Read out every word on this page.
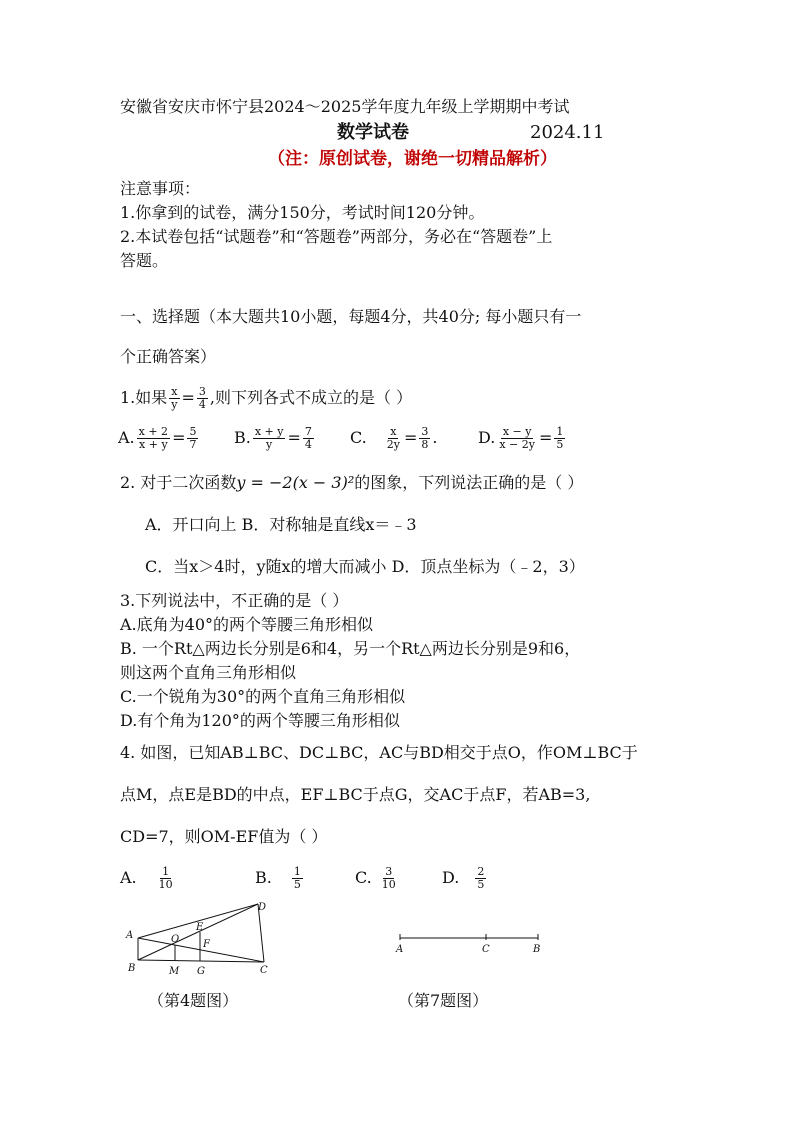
安徽省安庆市怀宁县2024～2025学年度九年级上学期期中考试
数学试卷	2024.11
（注：原创试卷，谢绝一切精品解析）
注意事项：
1.你拿到的试卷，满分150分，考试时间120分钟。
2.本试卷包括“试题卷”和“答题卷”两部分，务必在“答题卷”上
答题。
一、选择题（本大题共10小题，每题4分，共40分; 每小题只有一
个正确答案）
1.如果 $\frac{x}{y} = \frac{3}{4}$ ,则下列各式不成立的是（ ）
A. $\frac{x + 2}{x + y} = \frac{5}{7} B$. $\frac{x + y}{y} = \frac{7}{4} C$. $\frac{x}{2y} = \frac{3}{8}$ .	D. $\frac{x - y}{x - 2y} = \frac{1}{5}$
2. 对于二次函数y = −2(x − 3)²的图象，下列说法正确的是（ ）
A．开口向上 B．对称轴是直线x＝﹣3
C．当x＞4时，y随x的增大而减小 D．顶点坐标为（﹣2，3）
3.下列说法中，不正确的是（ ）
A.底角为40°的两个等腰三角形相似
B. 一个Rt△两边长分别是6和4，另一个Rt△两边长分别是9和6，
则这两个直角三角形相似
C.一个锐角为30°的两个直角三角形相似
D.有个角为120°的两个等腰三角形相似
4. 如图，已知AB⊥BC、DC⊥BC，AC与BD相交于点O，作OM⊥BC于
点M，点E是BD的中点，EF⊥BC于点G，交AC于点F，若AB=3,
CD=7，则OM-EF值为（ ）
A. $\frac{1}{10}$	B. $\frac{1}{5}$	C. $\frac{3}{10}$	D. $\frac{2}{5}$
A
B	C
D
E
F
O
M G
（第4题图）
A	C	B
（第7题图）
